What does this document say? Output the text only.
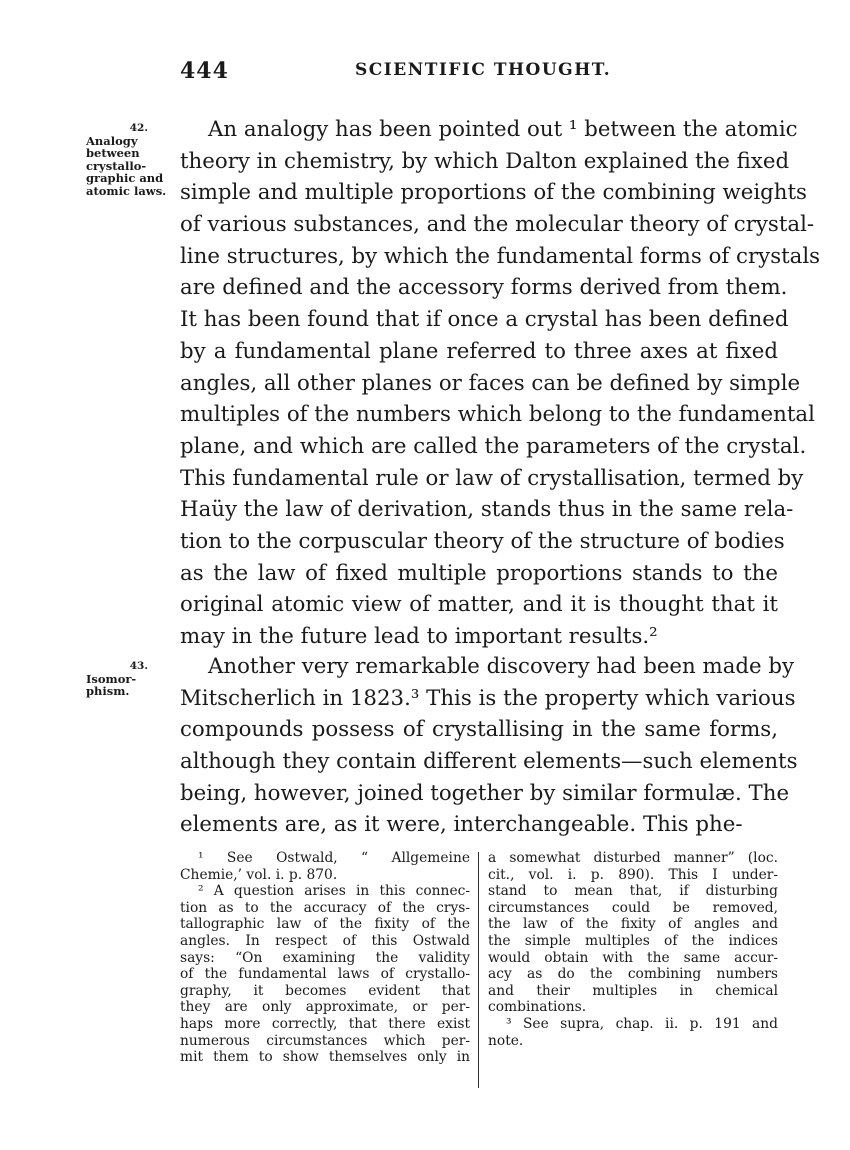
444	SCIENTIFIC THOUGHT.
42.
Analogy
between
crystallo-
graphic and
atomic laws.
43.
Isomor-
phism.
An analogy has been pointed out ¹ between the atomic
theory in chemistry, by which Dalton explained the fixed
simple and multiple proportions of the combining weights
of various substances, and the molecular theory of crystal-
line structures, by which the fundamental forms of crystals
are defined and the accessory forms derived from them.
It has been found that if once a crystal has been defined
by a fundamental plane referred to three axes at fixed
angles, all other planes or faces can be defined by simple
multiples of the numbers which belong to the fundamental
plane, and which are called the parameters of the crystal.
This fundamental rule or law of crystallisation, termed by
Haüy the law of derivation, stands thus in the same rela-
tion to the corpuscular theory of the structure of bodies
as the law of fixed multiple proportions stands to the
original atomic view of matter, and it is thought that it
may in the future lead to important results.²
Another very remarkable discovery had been made by
Mitscherlich in 1823.³ This is the property which various
compounds possess of crystallising in the same forms,
although they contain different elements—such elements
being, however, joined together by similar formulæ. The
elements are, as it were, interchangeable. This phe-
¹ See Ostwald, “ Allgemeine
Chemie,’ vol. i. p. 870.
² A question arises in this connec-
tion as to the accuracy of the crys-
tallographic law of the fixity of the
angles. In respect of this Ostwald
says: “On examining the validity
of the fundamental laws of crystallo-
graphy, it becomes evident that
they are only approximate, or per-
haps more correctly, that there exist
numerous circumstances which per-
mit them to show themselves only in
a somewhat disturbed manner” (loc.
cit., vol. i. p. 890). This I under-
stand to mean that, if disturbing
circumstances could be removed,
the law of the fixity of angles and
the simple multiples of the indices
would obtain with the same accur-
acy as do the combining numbers
and their multiples in chemical
combinations.
³ See supra, chap. ii. p. 191 and
note.
